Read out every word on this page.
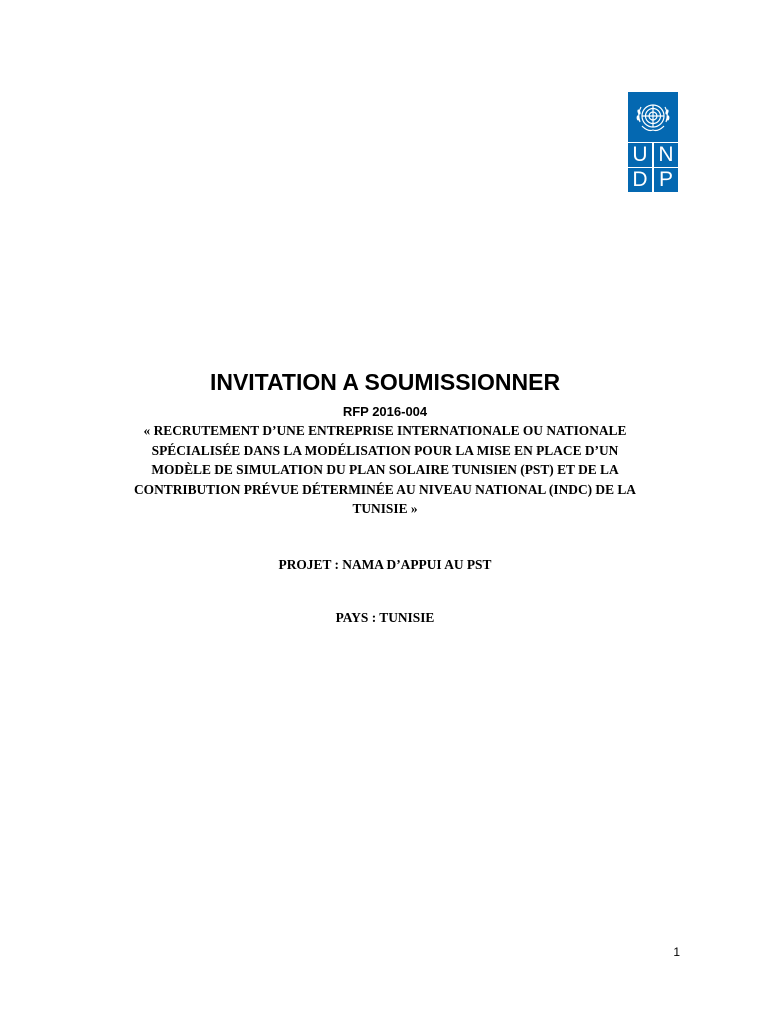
U N
D P
INVITATION A SOUMISSIONNER
RFP 2016-004
« RECRUTEMENT D’UNE ENTREPRISE INTERNATIONALE OU NATIONALE
SPÉCIALISÉE DANS LA MODÉLISATION POUR LA MISE EN PLACE D’UN
MODÈLE DE SIMULATION DU PLAN SOLAIRE TUNISIEN (PST) ET DE LA
CONTRIBUTION PRÉVUE DÉTERMINÉE AU NIVEAU NATIONAL (INDC) DE LA
TUNISIE »
PROJET : NAMA D’APPUI AU PST
PAYS : TUNISIE
1
